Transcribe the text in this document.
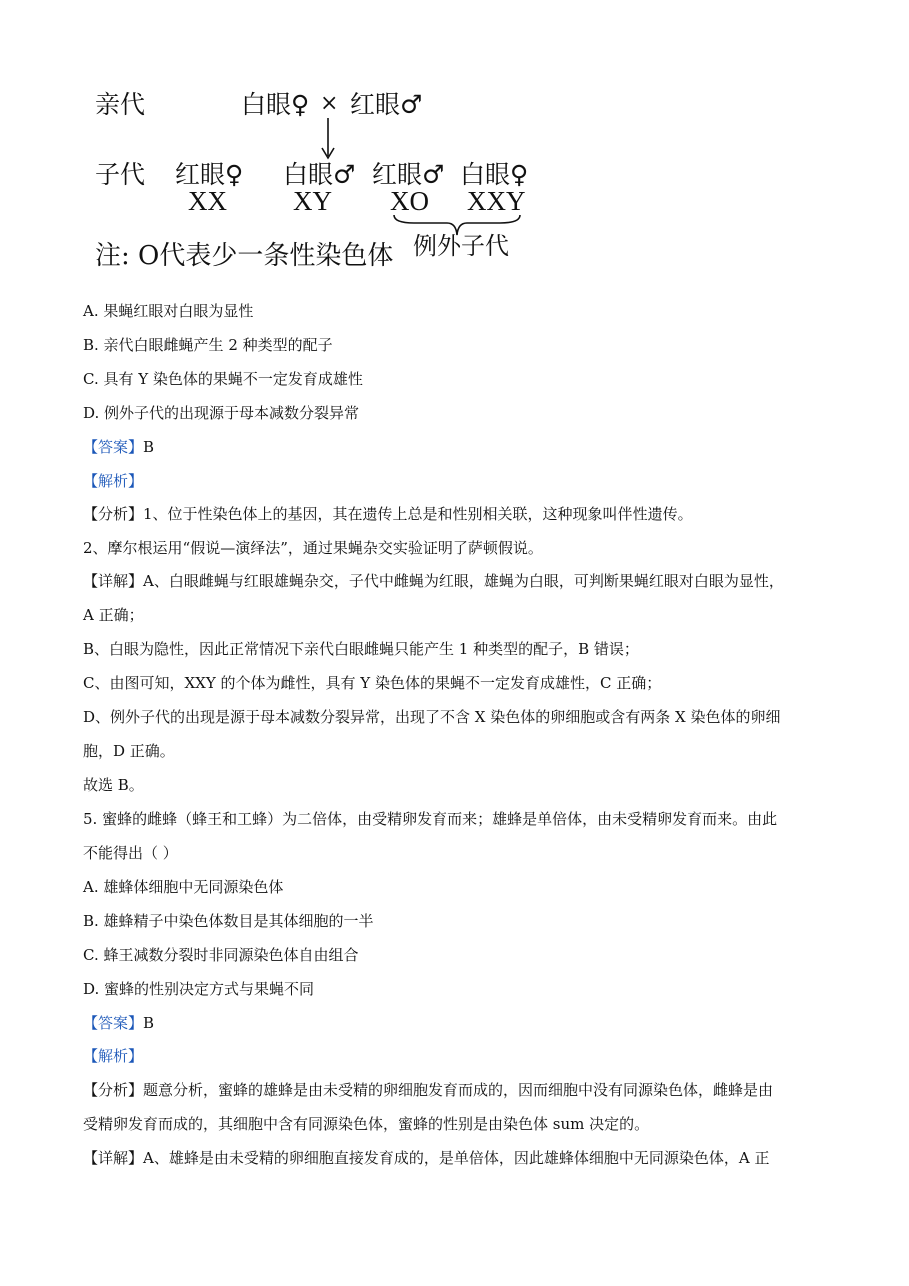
亲代	白眼♀ × 红眼♂
子代 红眼♀
XX
白眼♂
XY
红眼♂
XO
白眼♀
XXY
例外子代
注: O代表少一条性染色体
A. 果蝇红眼对白眼为显性
B. 亲代白眼雌蝇产生 2 种类型的配子
C. 具有 Y 染色体的果蝇不一定发育成雄性
D. 例外子代的出现源于母本减数分裂异常
【答案】B
【解析】
【分析】1、位于性染色体上的基因，其在遗传上总是和性别相关联，这种现象叫伴性遗传。
2、摩尔根运用“假说—演绎法”，通过果蝇杂交实验证明了萨顿假说。
【详解】A、白眼雌蝇与红眼雄蝇杂交，子代中雌蝇为红眼，雄蝇为白眼，可判断果蝇红眼对白眼为显性，
A 正确；
B、白眼为隐性，因此正常情况下亲代白眼雌蝇只能产生 1 种类型的配子，B 错误；
C、由图可知，XXY 的个体为雌性，具有 Y 染色体的果蝇不一定发育成雄性，C 正确；
D、例外子代的出现是源于母本减数分裂异常，出现了不含 X 染色体的卵细胞或含有两条 X 染色体的卵细
胞，D 正确。
故选 B。
5. 蜜蜂的雌蜂（蜂王和工蜂）为二倍体，由受精卵发育而来；雄蜂是单倍体，由未受精卵发育而来。由此
不能得出（ ）
A. 雄蜂体细胞中无同源染色体
B. 雄蜂精子中染色体数目是其体细胞的一半
C. 蜂王减数分裂时非同源染色体自由组合
D. 蜜蜂的性别决定方式与果蝇不同
【答案】B
【解析】
【分析】题意分析，蜜蜂的雄蜂是由未受精的卵细胞发育而成的，因而细胞中没有同源染色体，雌蜂是由
受精卵发育而成的，其细胞中含有同源染色体，蜜蜂的性别是由染色体 sum 决定的。
【详解】A、雄蜂是由未受精的卵细胞直接发育成的，是单倍体，因此雄蜂体细胞中无同源染色体，A 正
